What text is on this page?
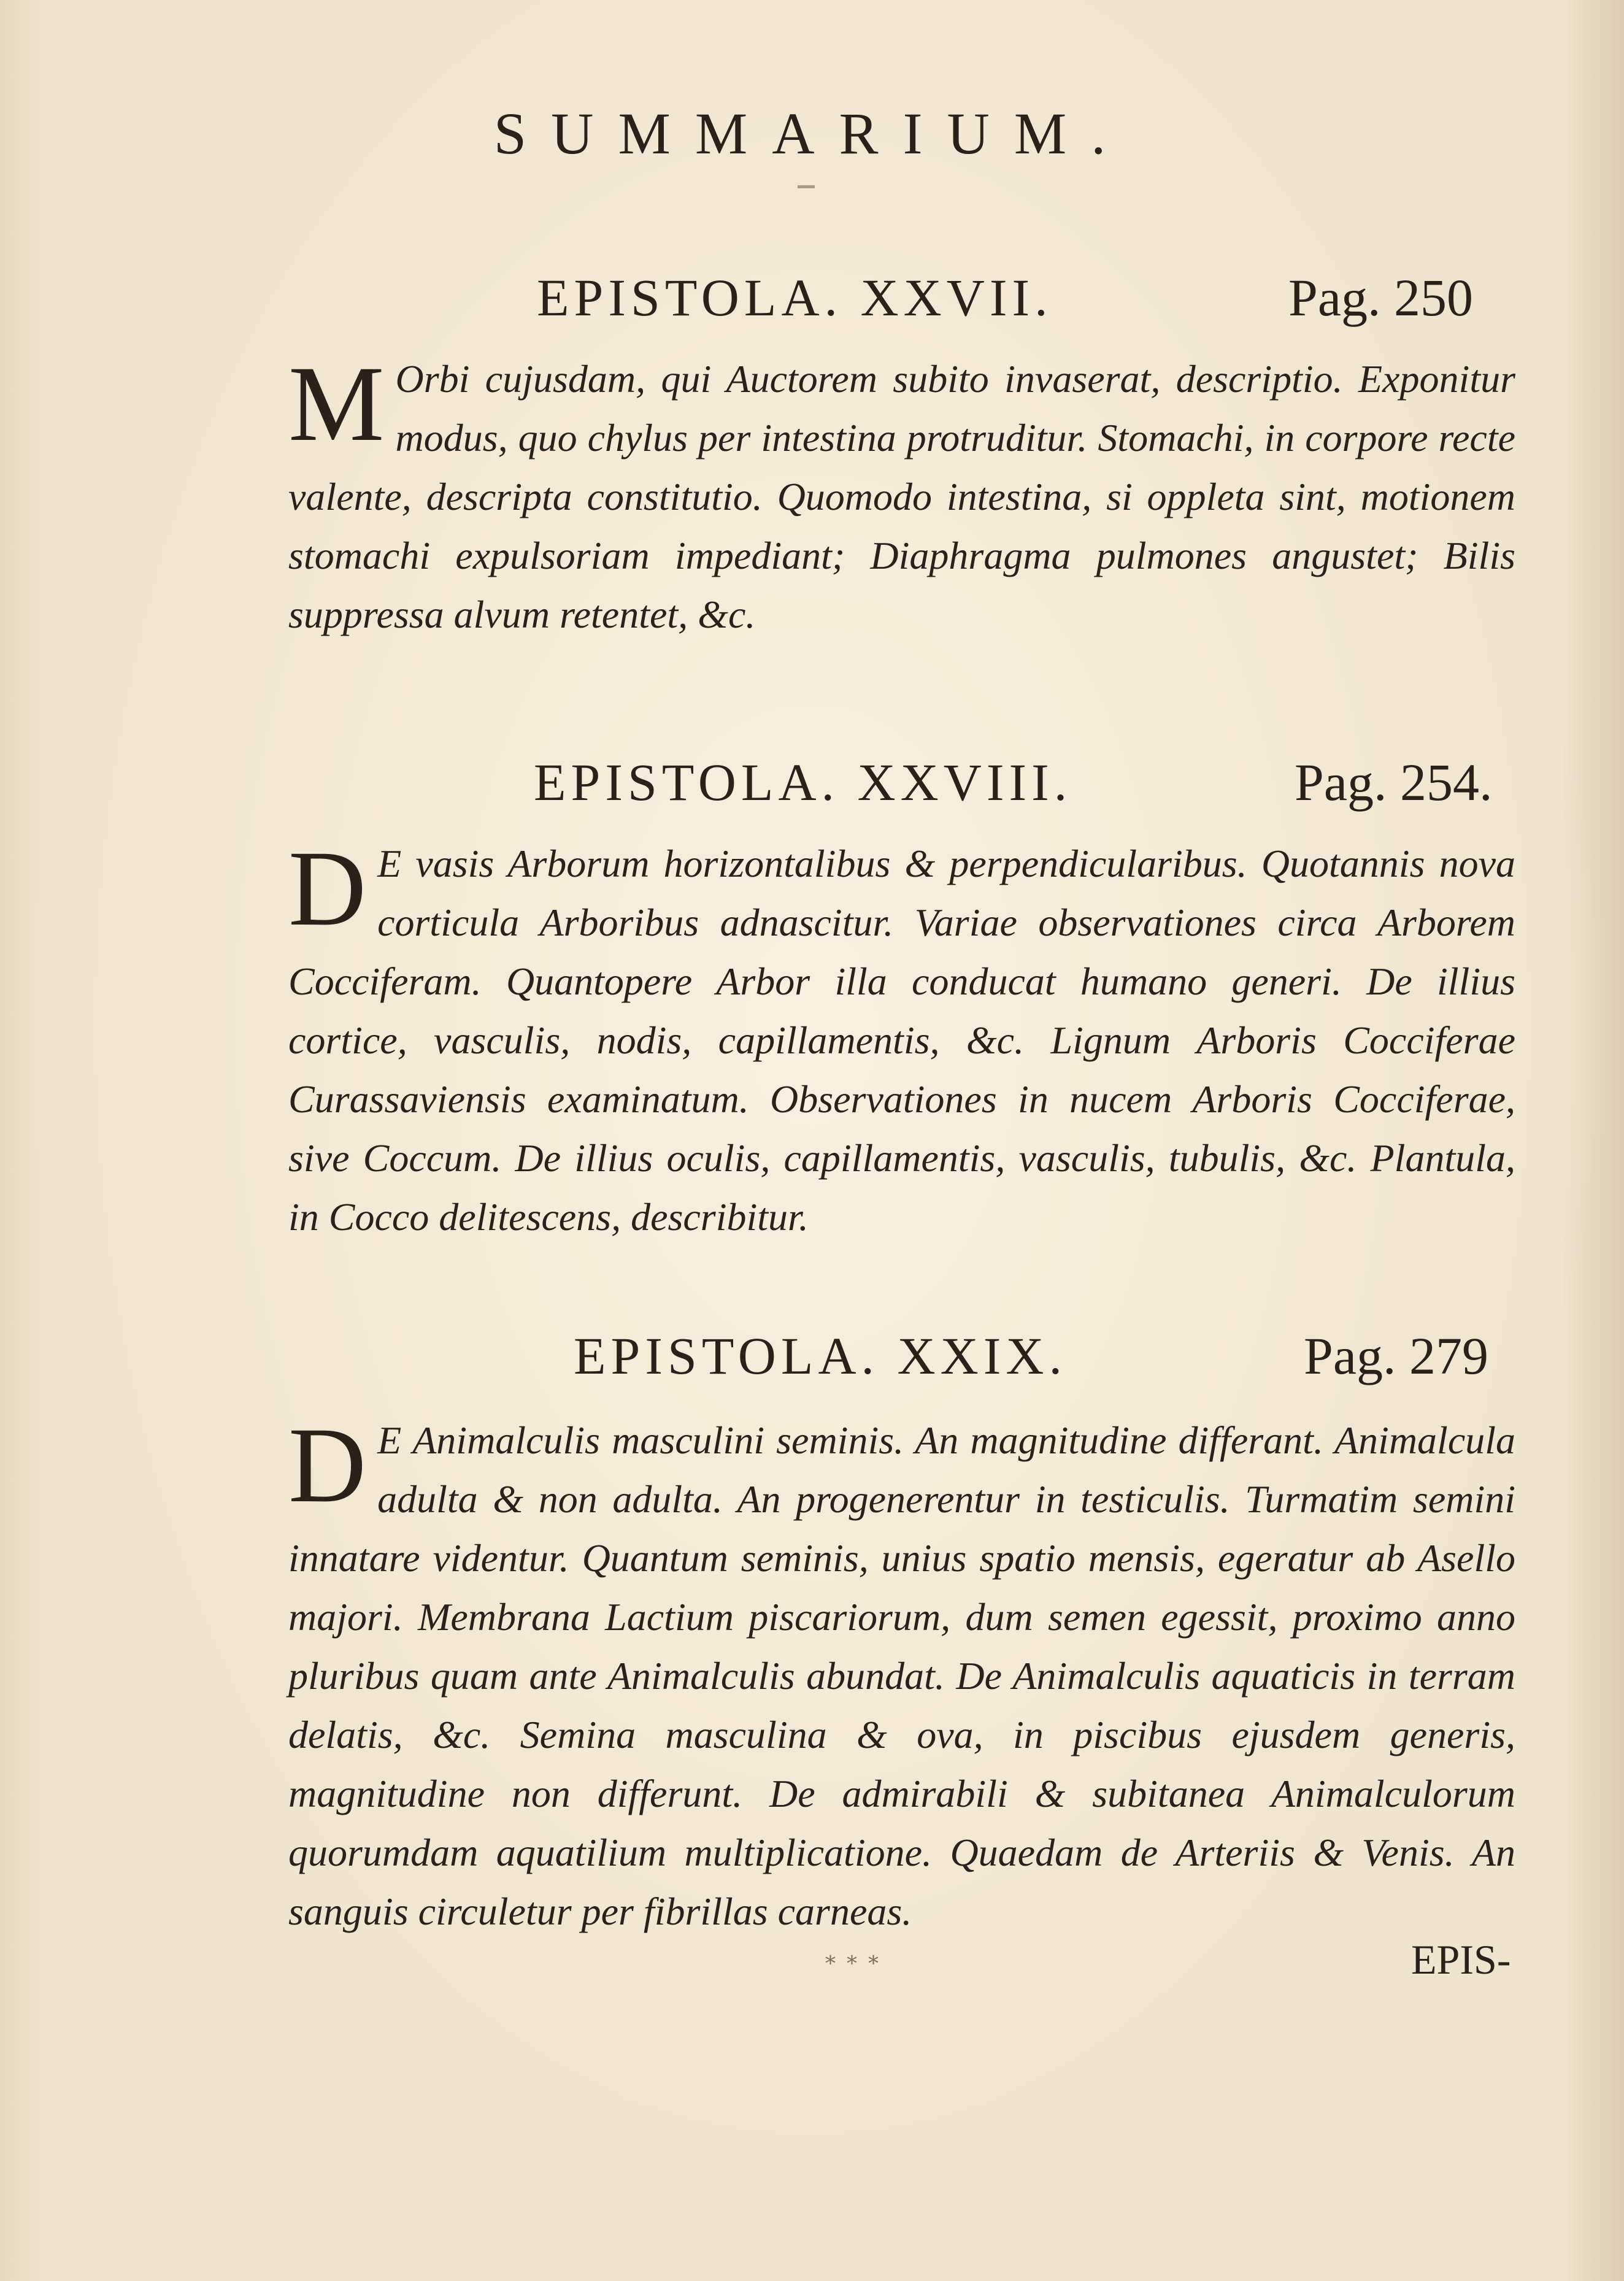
SUMMARIUM.
EPISTOLA. XXVII.	Pag. 250
M Orbi cujusdam, qui Auctorem subito invaserat, descriptio. Exponitur modus, quo chylus per intestina protruditur. Stomachi, in corpore recte valente, descripta constitutio. Quomodo intestina, si oppleta sint, motionem stomachi expulsoriam impediant; Diaphragma pulmones angustet; Bilis suppressa alvum retentet, &c.
EPISTOLA. XXVIII.	Pag. 254.
D E vasis Arborum horizontalibus & perpendicularibus. Quotannis nova corticula Arboribus adnascitur. Variae observationes circa Arborem Cocciferam. Quantopere Arbor illa conducat humano generi. De illius cortice, vasculis, nodis, capillamentis, &c. Lignum Arboris Cocciferae Curassaviensis examinatum. Observationes in nucem Arboris Cocciferae, sive Coccum. De illius oculis, capillamentis, vasculis, tubulis, &c. Plantula, in Cocco delitescens, describitur.
EPISTOLA. XXIX.	Pag. 279
D E Animalculis masculini seminis. An magnitudine differant. Animalcula adulta & non adulta. An progenerentur in testiculis. Turmatim semini innatare videntur. Quantum seminis, unius spatio mensis, egeratur ab Asello majori. Membrana Lactium piscariorum, dum semen egessit, proximo anno pluribus quam ante Animalculis abundat. De Animalculis aquaticis in terram delatis, &c. Semina masculina & ova, in piscibus ejusdem generis, magnitudine non differunt. De admirabili & subitanea Animalculorum quorumdam aquatilium multiplicatione. Quaedam de Arteriis & Venis. An sanguis circuletur per fibrillas carneas.
⁎⁎⁎	EPIS-
